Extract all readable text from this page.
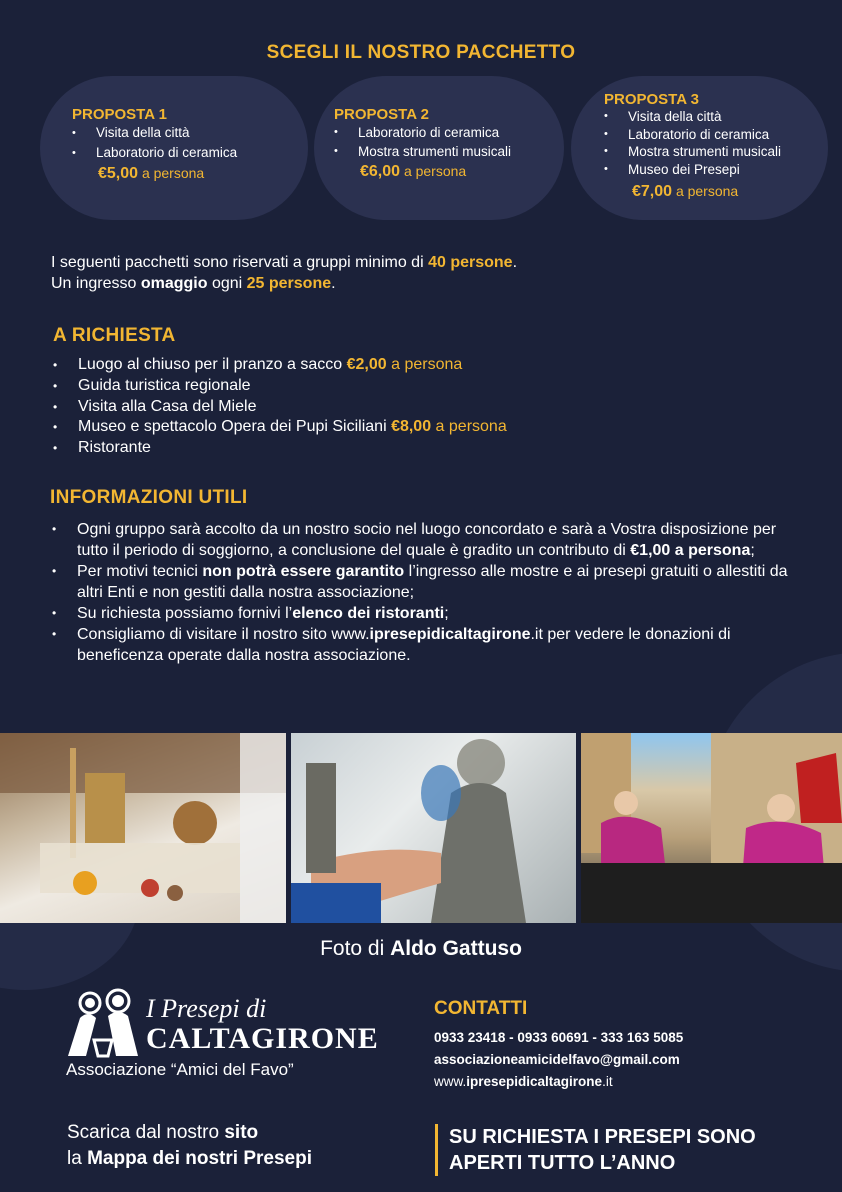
SCEGLI IL NOSTRO PACCHETTO
PROPOSTA 1
• Visita della città
• Laboratorio di ceramica
€5,00 a persona
PROPOSTA 2
• Laboratorio di ceramica
• Mostra strumenti musicali
€6,00 a persona
PROPOSTA 3
• Visita della città
• Laboratorio di ceramica
• Mostra strumenti musicali
• Museo dei Presepi
€7,00 a persona
I seguenti pacchetti sono riservati a gruppi minimo di 40 persone.
Un ingresso omaggio ogni 25 persone.
A RICHIESTA
• Luogo al chiuso per il pranzo a sacco €2,00 a persona
• Guida turistica regionale
• Visita alla Casa del Miele
• Museo e spettacolo Opera dei Pupi Siciliani €8,00 a persona
• Ristorante
INFORMAZIONI UTILI
• Ogni gruppo sarà accolto da un nostro socio nel luogo concordato e sarà a Vostra disposizione per tutto il periodo di soggiorno, a conclusione del quale è gradito un contributo di €1,00 a persona;
• Per motivi tecnici non potrà essere garantito l’ingresso alle mostre e ai presepi gratuiti o allestiti da altri Enti e non gestiti dalla nostra associazione;
• Su richiesta possiamo fornivi l’elenco dei ristoranti;
• Consigliamo di visitare il nostro sito www.ipresepidicaltagirone.it per vedere le donazioni di beneficenza operate dalla nostra associazione.
Foto di Aldo Gattuso
I Presepi di
CALTAGIRONE
Associazione “Amici del Favo”
CONTATTI
0933 23418 - 0933 60691 - 333 163 5085
associazioneamicidelfavo@gmail.com
www.ipresepidicaltagirone.it
Scarica dal nostro sito
la Mappa dei nostri Presepi
SU RICHIESTA I PRESEPI SONO
APERTI TUTTO L’ANNO
